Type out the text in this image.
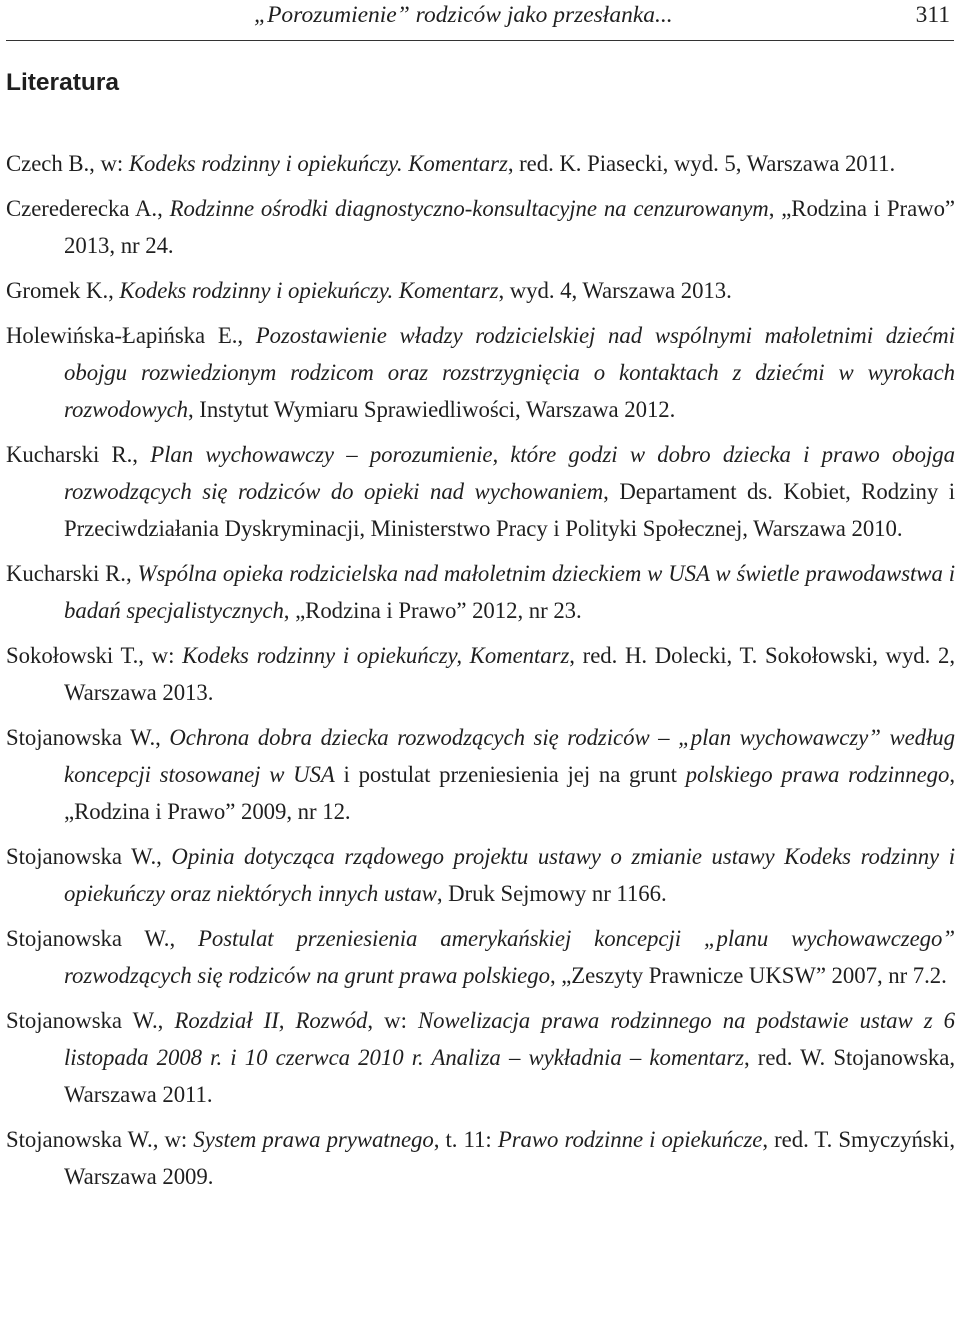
„Porozumienie” rodziców jako przesłanka...	311
Literatura
Czech B., w: Kodeks rodzinny i opiekuńczy. Komentarz, red. K. Piasecki, wyd. 5, Warszawa 2011.
Czerederecka A., Rodzinne ośrodki diagnostyczno-konsultacyjne na cenzurowanym, „Rodzina i Prawo” 2013, nr 24.
Gromek K., Kodeks rodzinny i opiekuńczy. Komentarz, wyd. 4, Warszawa 2013.
Holewińska-Łapińska E., Pozostawienie władzy rodzicielskiej nad wspólnymi małoletnimi dziećmi obojgu rozwiedzionym rodzicom oraz rozstrzygnięcia o kontaktach z dziećmi w wyrokach rozwodowych, Instytut Wymiaru Sprawiedliwości, Warszawa 2012.
Kucharski R., Plan wychowawczy – porozumienie, które godzi w dobro dziecka i prawo obojga rozwodzących się rodziców do opieki nad wychowaniem, Departament ds. Kobiet, Rodziny i Przeciwdziałania Dyskryminacji, Ministerstwo Pracy i Polityki Społecznej, Warszawa 2010.
Kucharski R., Wspólna opieka rodzicielska nad małoletnim dzieckiem w USA w świetle prawodawstwa i badań specjalistycznych, „Rodzina i Prawo” 2012, nr 23.
Sokołowski T., w: Kodeks rodzinny i opiekuńczy, Komentarz, red. H. Dolecki, T. Sokołowski, wyd. 2, Warszawa 2013.
Stojanowska W., Ochrona dobra dziecka rozwodzących się rodziców – „plan wychowawczy” według koncepcji stosowanej w USA i postulat przeniesienia jej na grunt polskiego prawa rodzinnego, „Rodzina i Prawo” 2009, nr 12.
Stojanowska W., Opinia dotycząca rządowego projektu ustawy o zmianie ustawy Kodeks rodzinny i opiekuńczy oraz niektórych innych ustaw, Druk Sejmowy nr 1166.
Stojanowska W., Postulat przeniesienia amerykańskiej koncepcji „planu wychowawczego” rozwodzących się rodziców na grunt prawa polskiego, „Zeszyty Prawnicze UKSW” 2007, nr 7.2.
Stojanowska W., Rozdział II, Rozwód, w: Nowelizacja prawa rodzinnego na podstawie ustaw z 6 listopada 2008 r. i 10 czerwca 2010 r. Analiza – wykładnia – komentarz, red. W. Stojanowska, Warszawa 2011.
Stojanowska W., w: System prawa prywatnego, t. 11: Prawo rodzinne i opiekuńcze, red. T. Smyczyński, Warszawa 2009.
